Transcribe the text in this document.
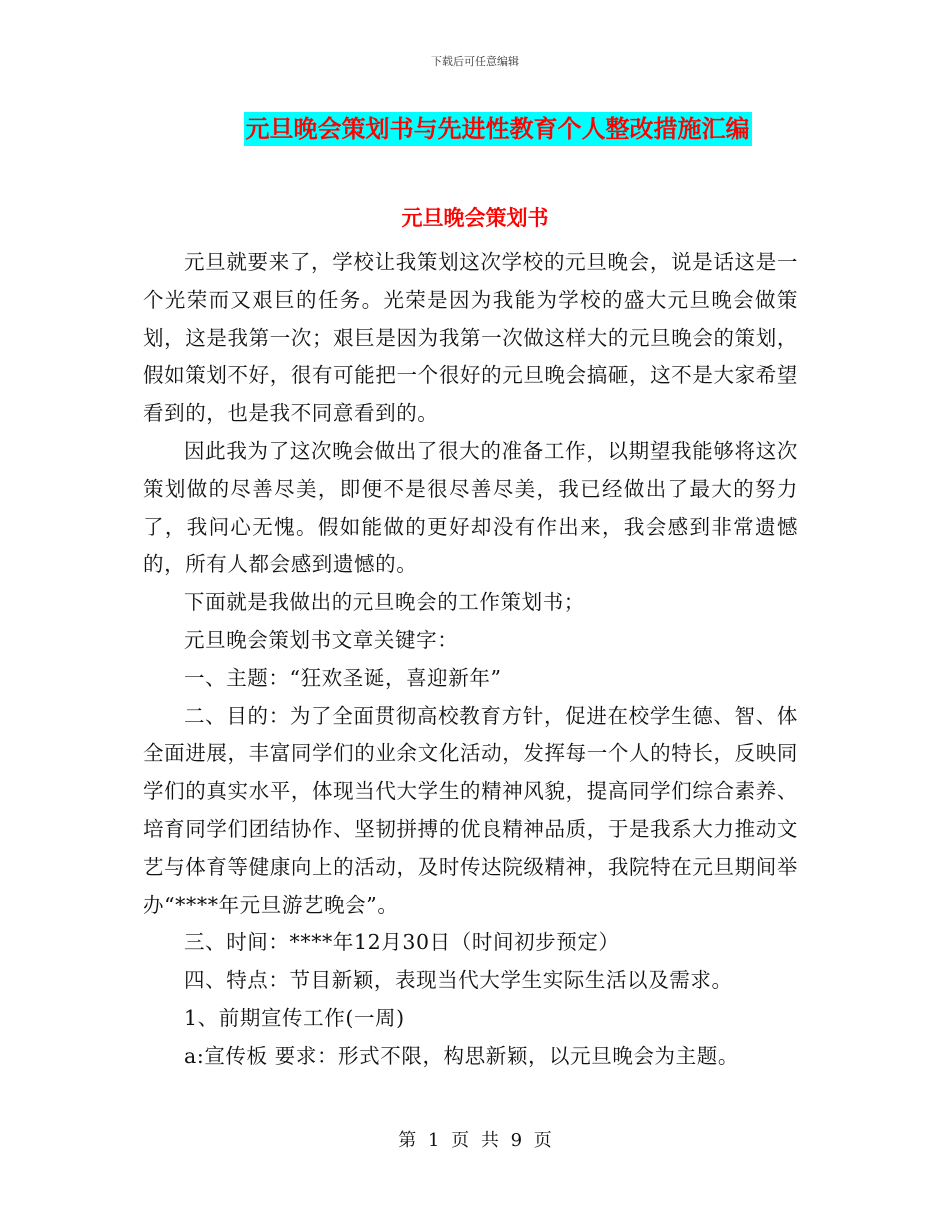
下载后可任意编辑
元旦晚会策划书与先进性教育个人整改措施汇编
元旦晚会策划书

元旦就要来了，学校让我策划这次学校的元旦晚会，说是话这是一个光荣而又艰巨的任务。光荣是因为我能为学校的盛大元旦晚会做策划，这是我第一次；艰巨是因为我第一次做这样大的元旦晚会的策划，假如策划不好，很有可能把一个很好的元旦晚会搞砸，这不是大家希望看到的，也是我不同意看到的。

因此我为了这次晚会做出了很大的准备工作，以期望我能够将这次策划做的尽善尽美，即便不是很尽善尽美，我已经做出了最大的努力了，我问心无愧。假如能做的更好却没有作出来，我会感到非常遗憾的，所有人都会感到遗憾的。

下面就是我做出的元旦晚会的工作策划书；

元旦晚会策划书文章关键字：

一、主题：“狂欢圣诞，喜迎新年”

二、目的：为了全面贯彻高校教育方针，促进在校学生德、智、体全面进展，丰富同学们的业余文化活动，发挥每一个人的特长，反映同学们的真实水平，体现当代大学生的精神风貌，提高同学们综合素养、培育同学们团结协作、坚韧拼搏的优良精神品质，于是我系大力推动文艺与体育等健康向上的活动，及时传达院级精神，我院特在元旦期间举办“****年元旦游艺晚会”。

三、时间：****年12月30日（时间初步预定）

四、特点：节目新颖，表现当代大学生实际生活以及需求。

1、前期宣传工作(一周)

a:宣传板 要求：形式不限，构思新颖，以元旦晚会为主题。

第 1 页 共 9 页
